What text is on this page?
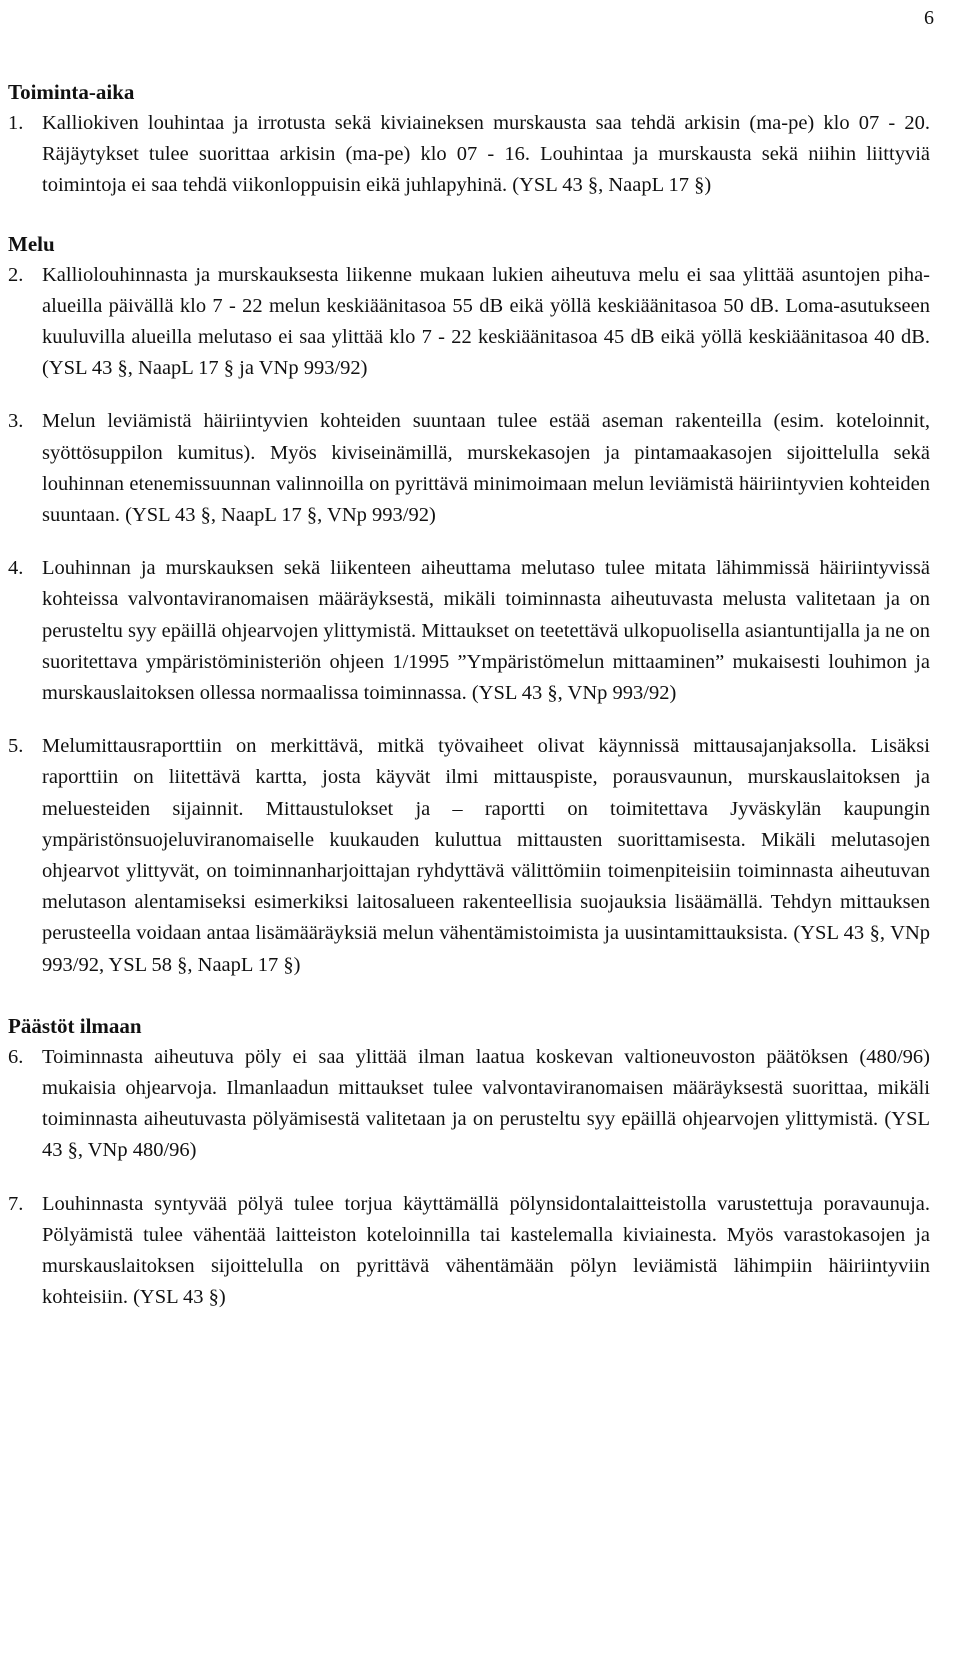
6
Toiminta-aika
1. Kalliokiven louhintaa ja irrotusta sekä kiviaineksen murskausta saa tehdä arkisin (ma-pe) klo 07 - 20. Räjäytykset tulee suorittaa arkisin (ma-pe) klo 07 - 16. Louhintaa ja murskausta sekä niihin liittyviä toimintoja ei saa tehdä viikonloppuisin eikä juhlapyhinä. (YSL 43 §, NaapL 17 §)
Melu
2. Kalliolouhinnasta ja murskauksesta liikenne mukaan lukien aiheutuva melu ei saa ylittää asuntojen piha-alueilla päivällä klo 7 - 22 melun keskiäänitasoa 55 dB eikä yöllä keskiäänitasoa 50 dB. Loma-asutukseen kuuluvilla alueilla melutaso ei saa ylittää klo 7 - 22 keskiäänitasoa 45 dB eikä yöllä keskiäänitasoa 40 dB. (YSL 43 §, NaapL 17 § ja VNp 993/92)
3. Melun leviämistä häiriintyvien kohteiden suuntaan tulee estää aseman rakenteilla (esim. koteloinnit, syöttösuppilon kumitus). Myös kiviseinämillä, murskekasojen ja pintamaakasojen sijoittelulla sekä louhinnan etenemissuunnan valinnoilla on pyrittävä minimoimaan melun leviämistä häiriintyvien kohteiden suuntaan. (YSL 43 §, NaapL 17 §, VNp 993/92)
4. Louhinnan ja murskauksen sekä liikenteen aiheuttama melutaso tulee mitata lähimmissä häiriintyvissä kohteissa valvontaviranomaisen määräyksestä, mikäli toiminnasta aiheutuvasta melusta valitetaan ja on perusteltu syy epäillä ohjearvojen ylittymistä. Mittaukset on teetettävä ulkopuolisella asiantuntijalla ja ne on suoritettava ympäristöministeriön ohjeen 1/1995 ”Ympäristömelun mittaaminen” mukaisesti louhimon ja murskauslaitoksen ollessa normaalissa toiminnassa. (YSL 43 §, VNp 993/92)
5. Melumittausraporttiin on merkittävä, mitkä työvaiheet olivat käynnissä mittausajanjaksolla. Lisäksi raporttiin on liitettävä kartta, josta käyvät ilmi mittauspiste, porausvaunun, murskauslaitoksen ja meluesteiden sijainnit. Mittaustulokset ja – raportti on toimitettava Jyväskylän kaupungin ympäristönsuojeluviranomaiselle kuukauden kuluttua mittausten suorittamisesta. Mikäli melutasojen ohjearvot ylittyvät, on toiminnanharjoittajan ryhdyttävä välittömiin toimenpiteisiin toiminnasta aiheutuvan melutason alentamiseksi esimerkiksi laitosalueen rakenteellisia suojauksia lisäämällä. Tehdyn mittauksen perusteella voidaan antaa lisämääräyksiä melun vähentämistoimista ja uusintamittauksista. (YSL 43 §, VNp 993/92, YSL 58 §, NaapL 17 §)
Päästöt ilmaan
6. Toiminnasta aiheutuva pöly ei saa ylittää ilman laatua koskevan valtioneuvoston päätöksen (480/96) mukaisia ohjearvoja. Ilmanlaadun mittaukset tulee valvontaviranomaisen määräyksestä suorittaa, mikäli toiminnasta aiheutuvasta pölyämisestä valitetaan ja on perusteltu syy epäillä ohjearvojen ylittymistä. (YSL 43 §, VNp 480/96)
7. Louhinnasta syntyvää pölyä tulee torjua käyttämällä pölynsidontalaitteistolla varustettuja poravaunuja. Pölyämistä tulee vähentää laitteiston koteloinnilla tai kastelemalla kiviainesta. Myös varastokasojen ja murskauslaitoksen sijoittelulla on pyrittävä vähentämään pölyn leviämistä lähimpiin häiriintyviin kohteisiin. (YSL 43 §)
